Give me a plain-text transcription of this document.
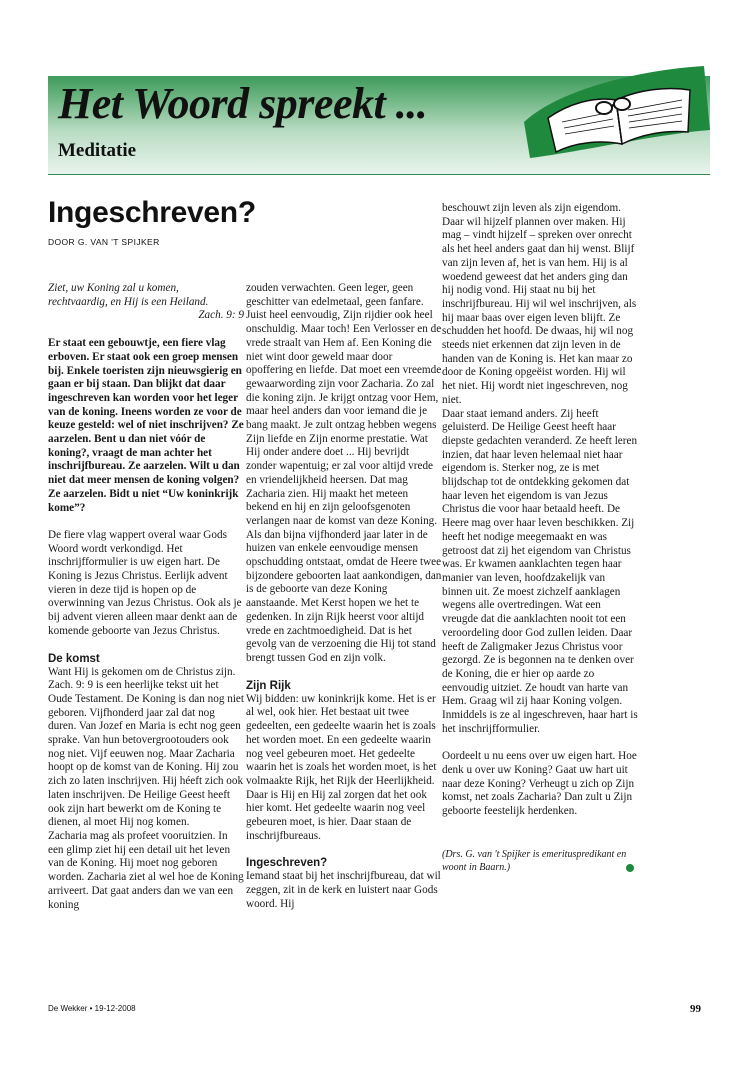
Het Woord spreekt ...
Meditatie
Ingeschreven?
DOOR G. VAN 'T SPIJKER

Ziet, uw Koning zal u komen,

rechtvaardig, en Hij is een Heiland.

Zach. 9: 9

Er staat een gebouwtje, een fiere vlag erboven. Er staat ook een groep mensen bij. Enkele toeristen zijn nieuwsgierig en gaan er bij staan. Dan blijkt dat daar ingeschreven kan worden voor het leger van de koning. Ineens worden ze voor de keuze gesteld: wel of niet inschrijven? Ze aarzelen. Bent u dan niet vóór de koning?, vraagt de man achter het inschrijfbureau. Ze aarzelen. Wilt u dan niet dat meer mensen de koning volgen? Ze aarzelen. Bidt u niet “Uw koninkrijk kome”?

De fiere vlag wappert overal waar Gods Woord wordt verkondigd. Het inschrijfformulier is uw eigen hart. De Koning is Jezus Christus. Eerlijk advent vieren in deze tijd is hopen op de overwinning van Jezus Christus. Ook als je bij advent vieren alleen maar denkt aan de komende geboorte van Jezus Christus.

De komst

Want Hij is gekomen om de Christus zijn. Zach. 9: 9 is een heerlijke tekst uit het Oude Testament. De Koning is dan nog niet geboren. Vijfhonderd jaar zal dat nog duren. Van Jozef en Maria is echt nog geen sprake. Van hun betovergrootouders ook nog niet. Vijf eeuwen nog. Maar Zacharia hoopt op de komst van de Koning. Hij zou zich zo laten inschrijven. Hij héeft zich ook laten inschrijven. De Heilige Geest heeft ook zijn hart bewerkt om de Koning te dienen, al moet Hij nog komen.

Zacharia mag als profeet vooruitzien. In een glimp ziet hij een detail uit het leven van de Koning. Hij moet nog geboren worden. Zacharia ziet al wel hoe de Koning arriveert. Dat gaat anders dan we van een koning

zouden verwachten. Geen leger, geen geschitter van edelmetaal, geen fanfare. Juist heel eenvoudig, Zijn rijdier ook heel onschuldig. Maar toch! Een Verlosser en de vrede straalt van Hem af. Een Koning die niet wint door geweld maar door opoffering en liefde. Dat moet een vreemde gewaarwording zijn voor Zacharia. Zo zal die koning zijn. Je krijgt ontzag voor Hem, maar heel anders dan voor iemand die je bang maakt. Je zult ontzag hebben wegens Zijn liefde en Zijn enorme prestatie. Wat Hij onder andere doet ... Hij bevrijdt zonder wapentuig; er zal voor altijd vrede en vriendelijkheid heersen. Dat mag Zacharia zien. Hij maakt het meteen bekend en hij en zijn geloofsgenoten verlangen naar de komst van deze Koning. Als dan bijna vijfhonderd jaar later in de huizen van enkele eenvoudige mensen opschudding ontstaat, omdat de Heere twee bijzondere geboorten laat aankondigen, dan is de geboorte van deze Koning aanstaande. Met Kerst hopen we het te gedenken. In zijn Rijk heerst voor altijd vrede en zachtmoedigheid. Dat is het gevolg van de verzoening die Hij tot stand brengt tussen God en zijn volk.

Zijn Rijk

Wij bidden: uw koninkrijk kome. Het is er al wel, ook hier. Het bestaat uit twee gedeelten, een gedeelte waarin het is zoals het worden moet. En een gedeelte waarin nog veel gebeuren moet. Het gedeelte waarin het is zoals het worden moet, is het volmaakte Rijk, het Rijk der Heerlijkheid. Daar is Hij en Hij zal zorgen dat het ook hier komt. Het gedeelte waarin nog veel gebeuren moet, is hier. Daar staan de inschrijfbureaus.

Ingeschreven?

Iemand staat bij het inschrijfbureau, dat wil zeggen, zit in de kerk en luistert naar Gods woord. Hij

beschouwt zijn leven als zijn eigendom. Daar wil hijzelf plannen over maken. Hij mag – vindt hijzelf – spreken over onrecht als het heel anders gaat dan hij wenst. Blijf van zijn leven af, het is van hem. Hij is al woedend geweest dat het anders ging dan hij nodig vond. Hij staat nu bij het inschrijfbureau. Hij wil wel inschrijven, als hij maar baas over eigen leven blijft. Ze schudden het hoofd. De dwaas, hij wil nog steeds niet erkennen dat zijn leven in de handen van de Koning is. Het kan maar zo door de Koning opgeëist worden. Hij wil het niet. Hij wordt niet ingeschreven, nog niet.

Daar staat iemand anders. Zij heeft geluisterd. De Heilige Geest heeft haar diepste gedachten veranderd. Ze heeft leren inzien, dat haar leven helemaal niet haar eigendom is. Sterker nog, ze is met blijdschap tot de ontdekking gekomen dat haar leven het eigendom is van Jezus Christus die voor haar betaald heeft. De Heere mag over haar leven beschikken. Zij heeft het nodige meegemaakt en was getroost dat zij het eigendom van Christus was. Er kwamen aanklachten tegen haar manier van leven, hoofdzakelijk van binnen uit. Ze moest zichzelf aanklagen wegens alle overtredingen. Wat een vreugde dat die aanklachten nooit tot een veroordeling door God zullen leiden. Daar heeft de Zaligmaker Jezus Christus voor gezorgd. Ze is begonnen na te denken over de Koning, die er hier op aarde zo eenvoudig uitziet. Ze houdt van harte van Hem. Graag wil zij haar Koning volgen. Inmiddels is ze al ingeschreven, haar hart is het inschrijfformulier.

Oordeelt u nu eens over uw eigen hart. Hoe denk u over uw Koning? Gaat uw hart uit naar deze Koning? Verheugt u zich op Zijn komst, net zoals Zacharia? Dan zult u Zijn geboorte feestelijk herdenken.

(Drs. G. van 't Spijker is emerituspredikant en woont in Baarn.)

De Wekker • 19-12-2008	99
